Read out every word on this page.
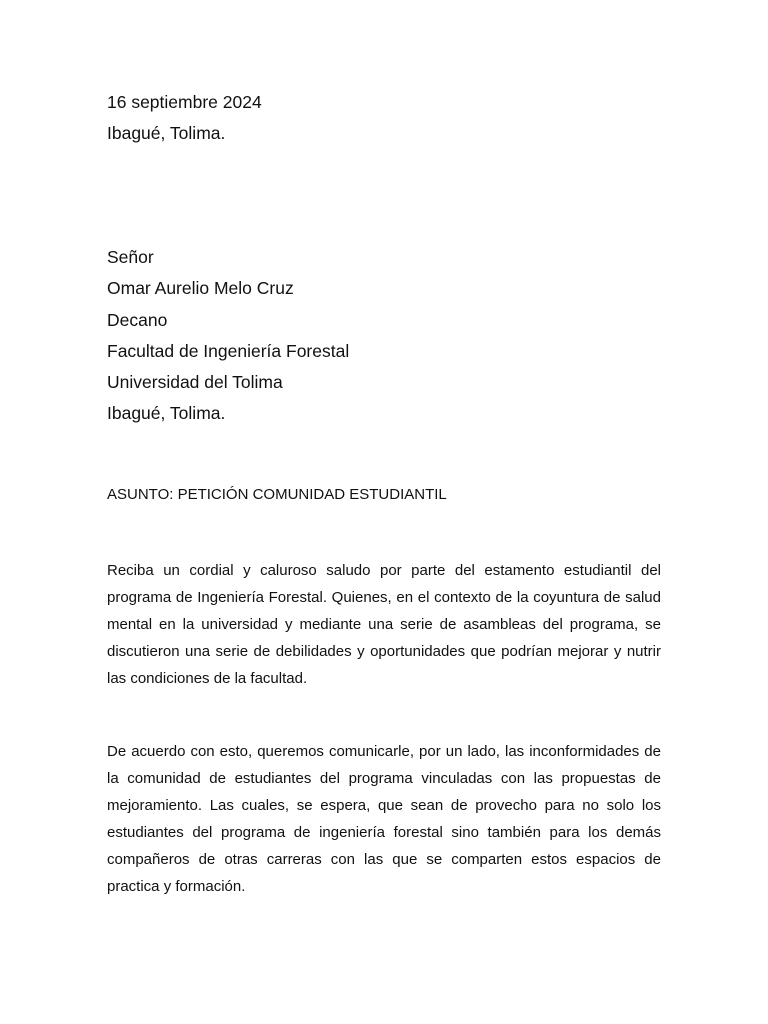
16 septiembre 2024
Ibagué, Tolima.
Señor
Omar Aurelio Melo Cruz
Decano
Facultad de Ingeniería Forestal
Universidad del Tolima
Ibagué, Tolima.
ASUNTO: PETICIÓN COMUNIDAD ESTUDIANTIL

Reciba un cordial y caluroso saludo por parte del estamento estudiantil del programa de Ingeniería Forestal. Quienes, en el contexto de la coyuntura de salud mental en la universidad y mediante una serie de asambleas del programa, se discutieron una serie de debilidades y oportunidades que podrían mejorar y nutrir las condiciones de la facultad.

De acuerdo con esto, queremos comunicarle, por un lado, las inconformidades de la comunidad de estudiantes del programa vinculadas con las propuestas de mejoramiento. Las cuales, se espera, que sean de provecho para no solo los estudiantes del programa de ingeniería forestal sino también para los demás compañeros de otras carreras con las que se comparten estos espacios de practica y formación.
